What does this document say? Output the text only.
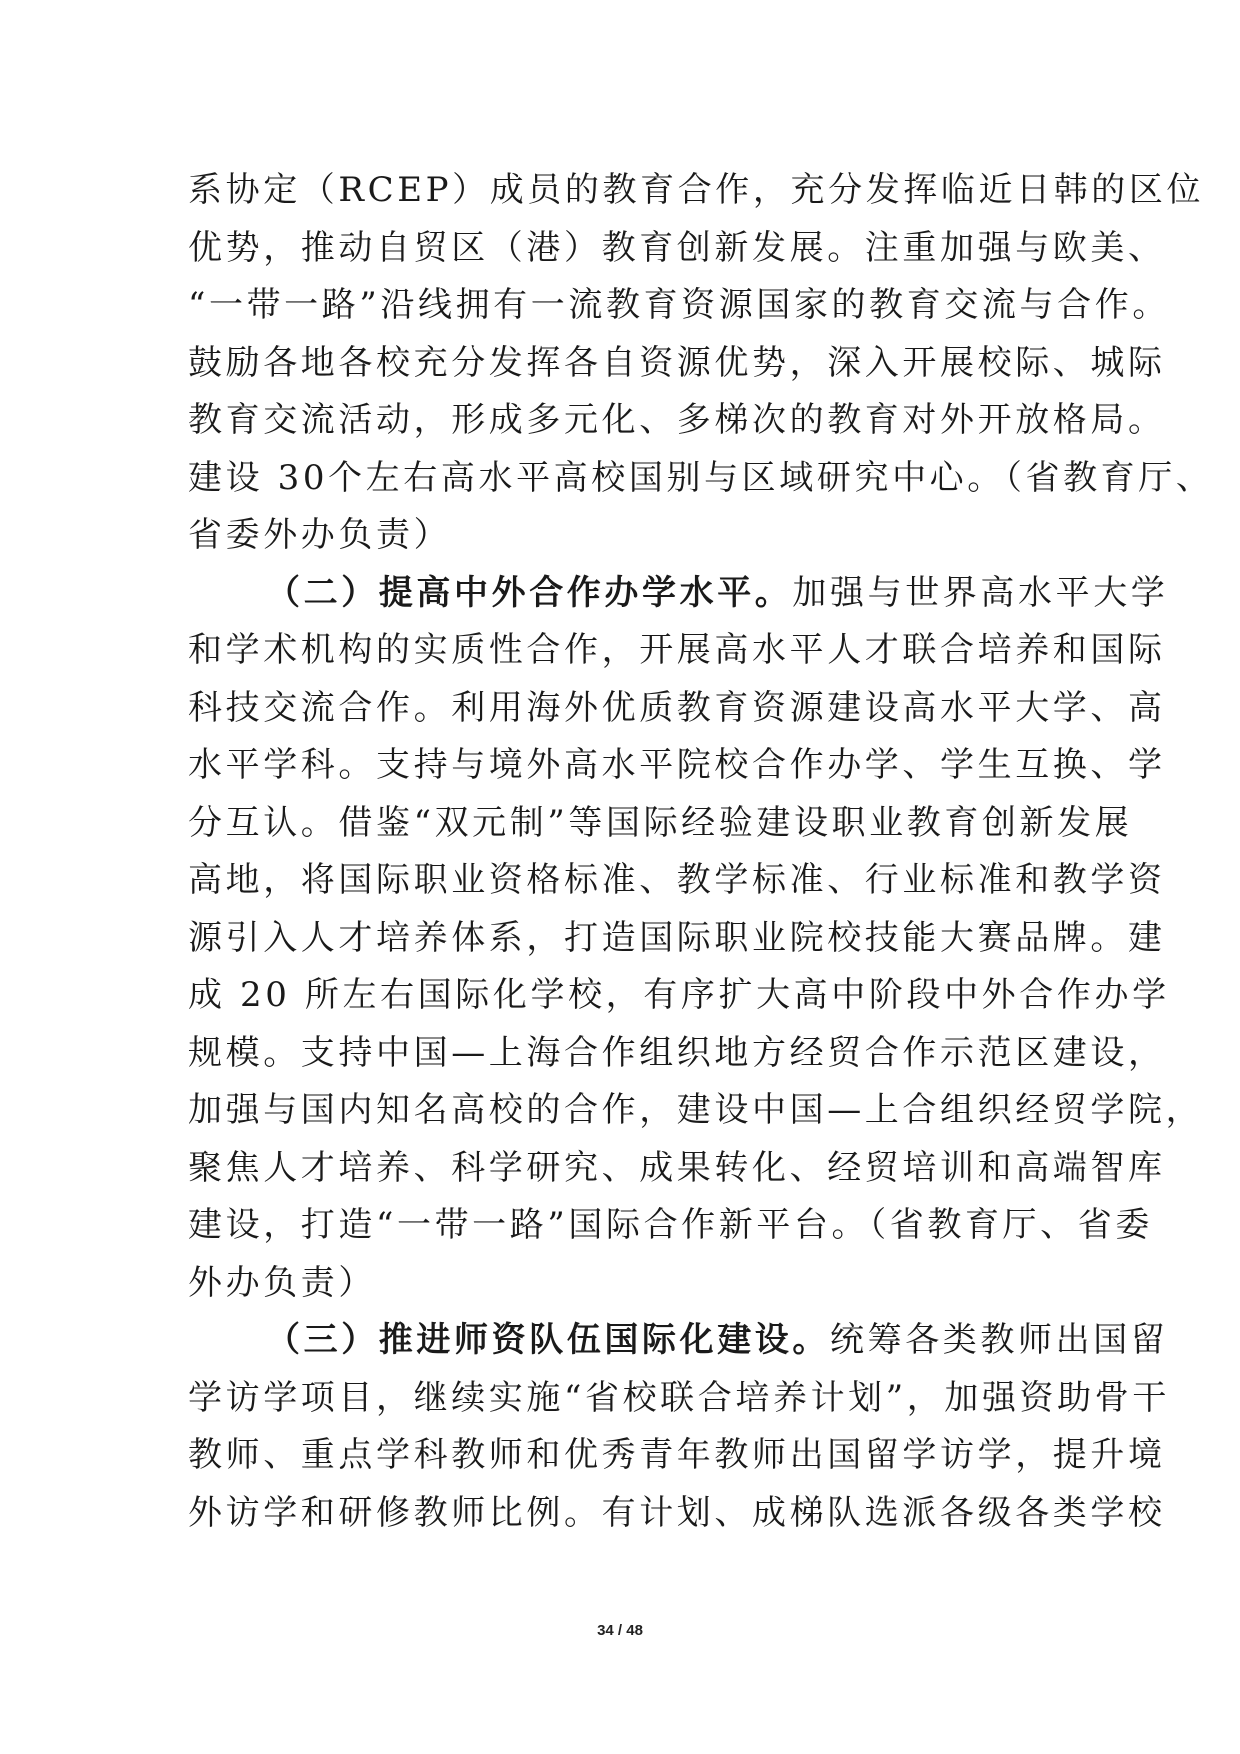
系协定（RCEP）成员的教育合作，充分发挥临近日韩的区位
优势，推动自贸区（港）教育创新发展。注重加强与欧美、
“一带一路”沿线拥有一流教育资源国家的教育交流与合作。
鼓励各地各校充分发挥各自资源优势，深入开展校际、城际
教育交流活动，形成多元化、多梯次的教育对外开放格局。
建设 30个左右高水平高校国别与区域研究中心。（省教育厅、
省委外办负责）
（二）提高中外合作办学水平。加强与世界高水平大学
和学术机构的实质性合作，开展高水平人才联合培养和国际
科技交流合作。利用海外优质教育资源建设高水平大学、高
水平学科。支持与境外高水平院校合作办学、学生互换、学
分互认。借鉴“双元制”等国际经验建设职业教育创新发展
高地，将国际职业资格标准、教学标准、行业标准和教学资
源引入人才培养体系，打造国际职业院校技能大赛品牌。建
成 20 所左右国际化学校，有序扩大高中阶段中外合作办学
规模。支持中国—上海合作组织地方经贸合作示范区建设，
加强与国内知名高校的合作，建设中国—上合组织经贸学院，
聚焦人才培养、科学研究、成果转化、经贸培训和高端智库
建设，打造“一带一路”国际合作新平台。（省教育厅、省委
外办负责）
（三）推进师资队伍国际化建设。统筹各类教师出国留
学访学项目，继续实施“省校联合培养计划”，加强资助骨干
教师、重点学科教师和优秀青年教师出国留学访学，提升境
外访学和研修教师比例。有计划、成梯队选派各级各类学校
34 / 48
